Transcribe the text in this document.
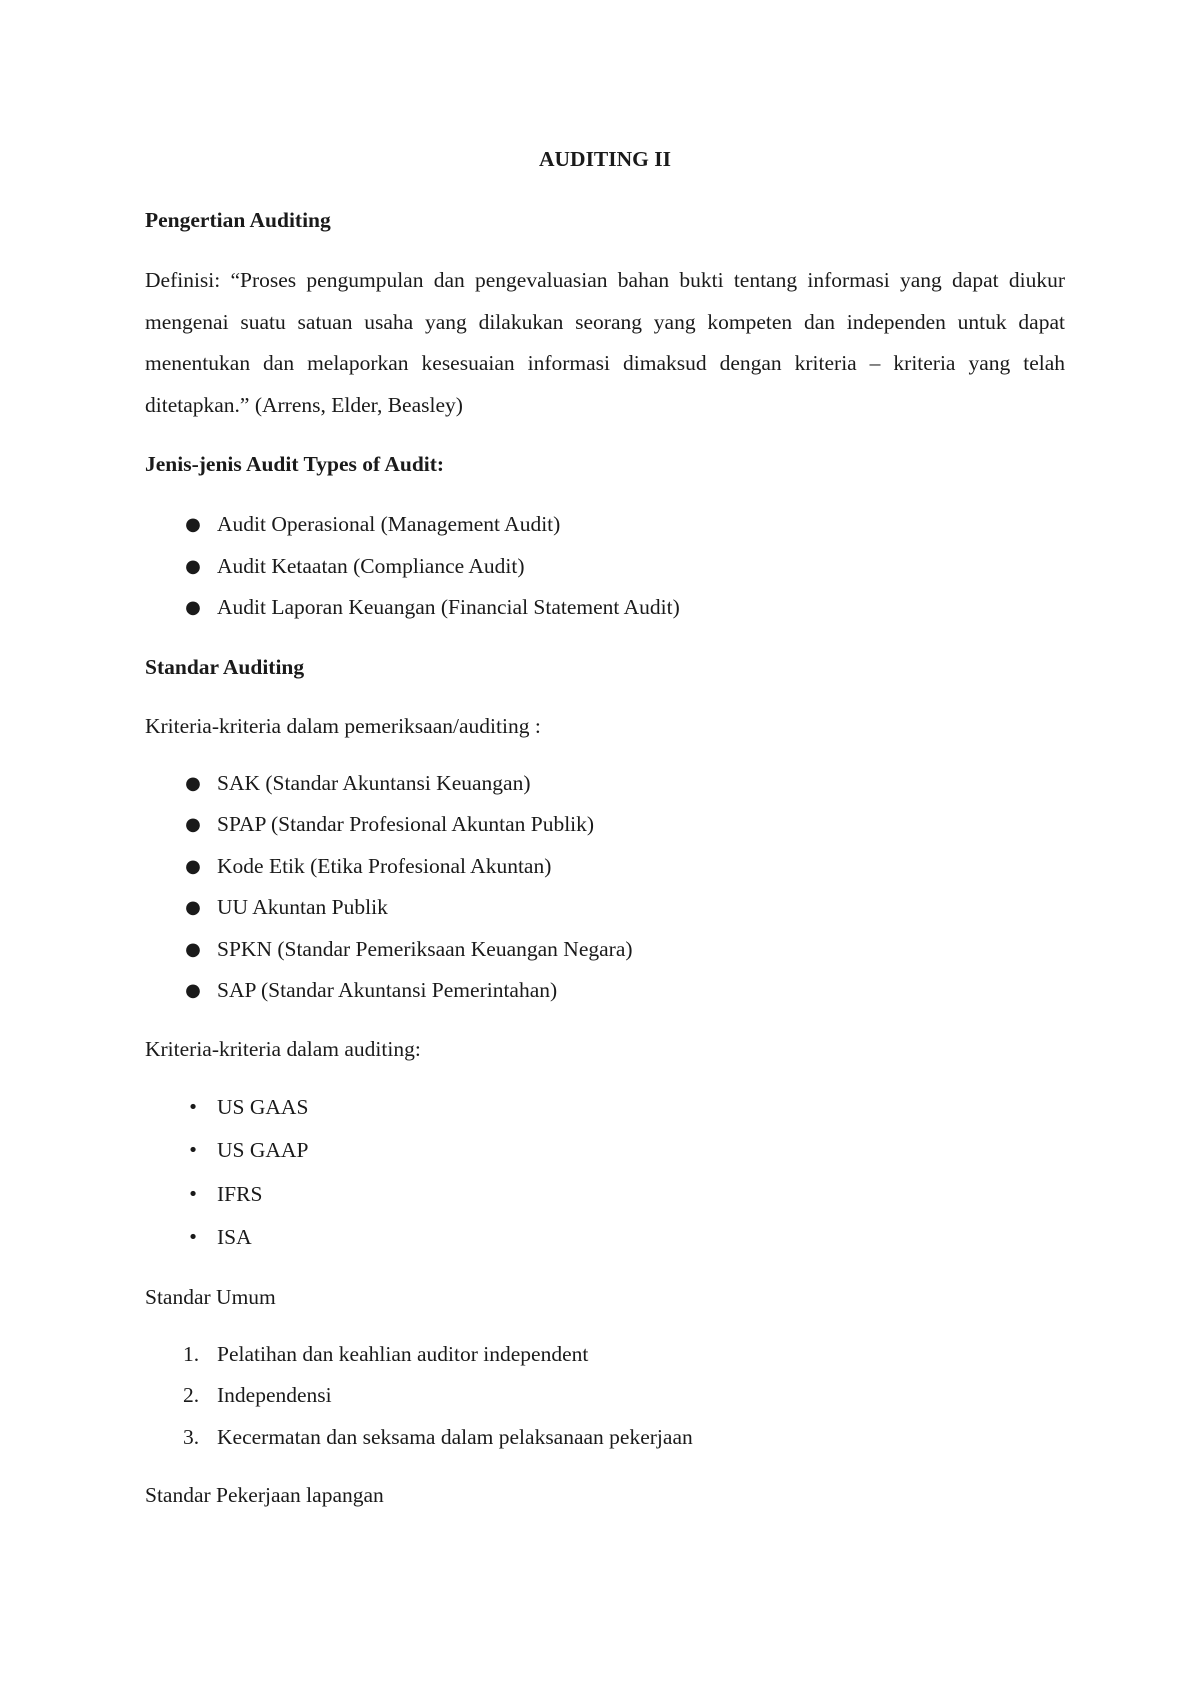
AUDITING II
Pengertian Auditing

Definisi: “Proses pengumpulan dan pengevaluasian bahan bukti tentang informasi yang dapat diukur mengenai suatu satuan usaha yang dilakukan seorang yang kompeten dan independen untuk dapat menentukan dan melaporkan kesesuaian informasi dimaksud dengan kriteria – kriteria yang telah ditetapkan.” (Arrens, Elder, Beasley)

Jenis-jenis Audit Types of Audit:
● Audit Operasional (Management Audit)
● Audit Ketaatan (Compliance Audit)
● Audit Laporan Keuangan (Financial Statement Audit)
Standar Auditing
Kriteria-kriteria dalam pemeriksaan/auditing :
● SAK (Standar Akuntansi Keuangan)
● SPAP (Standar Profesional Akuntan Publik)
● Kode Etik (Etika Profesional Akuntan)
● UU Akuntan Publik
● SPKN (Standar Pemeriksaan Keuangan Negara)
● SAP (Standar Akuntansi Pemerintahan)
Kriteria-kriteria dalam auditing:
• US GAAS
• US GAAP
• IFRS
• ISA
Standar Umum
1. Pelatihan dan keahlian auditor independent
2. Independensi
3. Kecermatan dan seksama dalam pelaksanaan pekerjaan
Standar Pekerjaan lapangan
